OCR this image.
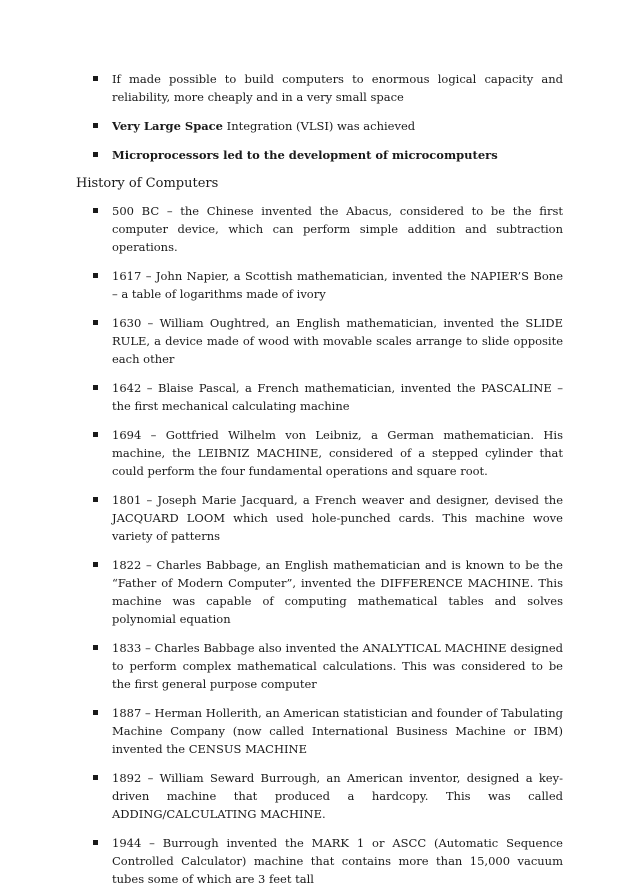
If made possible to build computers to enormous logical capacity and reliability, more cheaply and in a very small space
Very Large Space Integration (VLSI) was achieved
Microprocessors led to the development of microcomputers
History of Computers
500 BC – the Chinese invented the Abacus, considered to be the first computer device, which can perform simple addition and subtraction operations.
1617 – John Napier, a Scottish mathematician, invented the NAPIER’S Bone – a table of logarithms made of ivory
1630 – William Oughtred, an English mathematician, invented the SLIDE RULE, a device made of wood with movable scales arrange to slide opposite each other
1642 – Blaise Pascal, a French mathematician, invented the PASCALINE – the first mechanical calculating machine
1694 – Gottfried Wilhelm von Leibniz, a German mathematician. His machine, the LEIBNIZ MACHINE, considered of a stepped cylinder that could perform the four fundamental operations and square root.
1801 – Joseph Marie Jacquard, a French weaver and designer, devised the JACQUARD LOOM which used hole-punched cards. This machine wove variety of patterns
1822 – Charles Babbage, an English mathematician and is known to be the “Father of Modern Computer”, invented the DIFFERENCE MACHINE. This machine was capable of computing mathematical tables and solves polynomial equation
1833 – Charles Babbage also invented the ANALYTICAL MACHINE designed to perform complex mathematical calculations. This was considered to be the first general purpose computer
1887 – Herman Hollerith, an American statistician and founder of Tabulating Machine Company (now called International Business Machine or IBM) invented the CENSUS MACHINE
1892 – William Seward Burrough, an American inventor, designed a key-driven machine that produced a hardcopy. This was called ADDING/CALCULATING MACHINE.
1944 – Burrough invented the MARK 1 or ASCC (Automatic Sequence Controlled Calculator) machine that contains more than 15,000 vacuum tubes some of which are 3 feet tall
